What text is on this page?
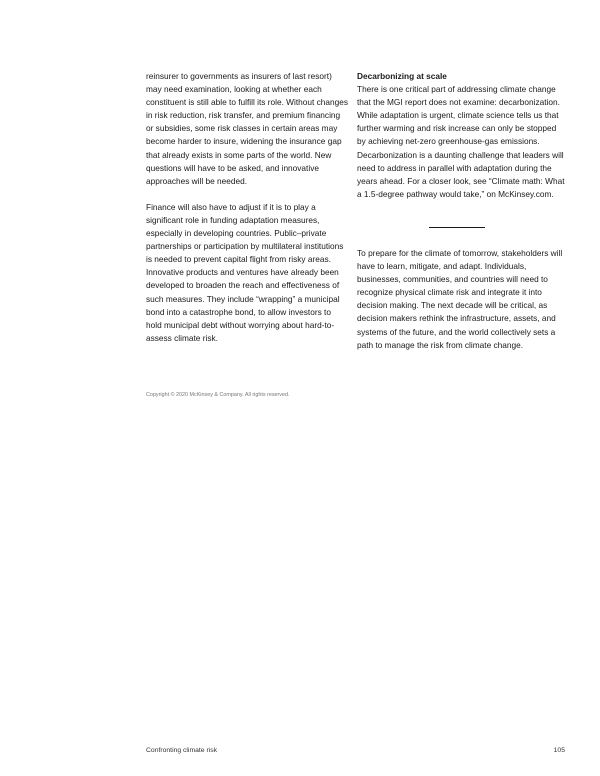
reinsurer to governments as insurers of last resort) may need examination, looking at whether each constituent is still able to fulfill its role. Without changes in risk reduction, risk transfer, and premium financing or subsidies, some risk classes in certain areas may become harder to insure, widening the insurance gap that already exists in some parts of the world. New questions will have to be asked, and innovative approaches will be needed.

Finance will also have to adjust if it is to play a significant role in funding adaptation measures, especially in developing countries. Public–private partnerships or participation by multilateral institutions is needed to prevent capital flight from risky areas. Innovative products and ventures have already been developed to broaden the reach and effectiveness of such measures. They include “wrapping” a municipal bond into a catastrophe bond, to allow investors to hold municipal debt without worrying about hard-to-assess climate risk.

Decarbonizing at scale

There is one critical part of addressing climate change that the MGI report does not examine: decarbonization. While adaptation is urgent, climate science tells us that further warming and risk increase can only be stopped by achieving net-zero greenhouse-gas emissions. Decarbonization is a daunting challenge that leaders will need to address in parallel with adaptation during the years ahead. For a closer look, see “Climate math: What a 1.5-degree pathway would take,” on McKinsey.com.

To prepare for the climate of tomorrow, stakeholders will have to learn, mitigate, and adapt. Individuals, businesses, communities, and countries will need to recognize physical climate risk and integrate it into decision making. The next decade will be critical, as decision makers rethink the infrastructure, assets, and systems of the future, and the world collectively sets a path to manage the risk from climate change.

Copyright © 2020 McKinsey & Company. All rights reserved.
Confronting climate risk	105
